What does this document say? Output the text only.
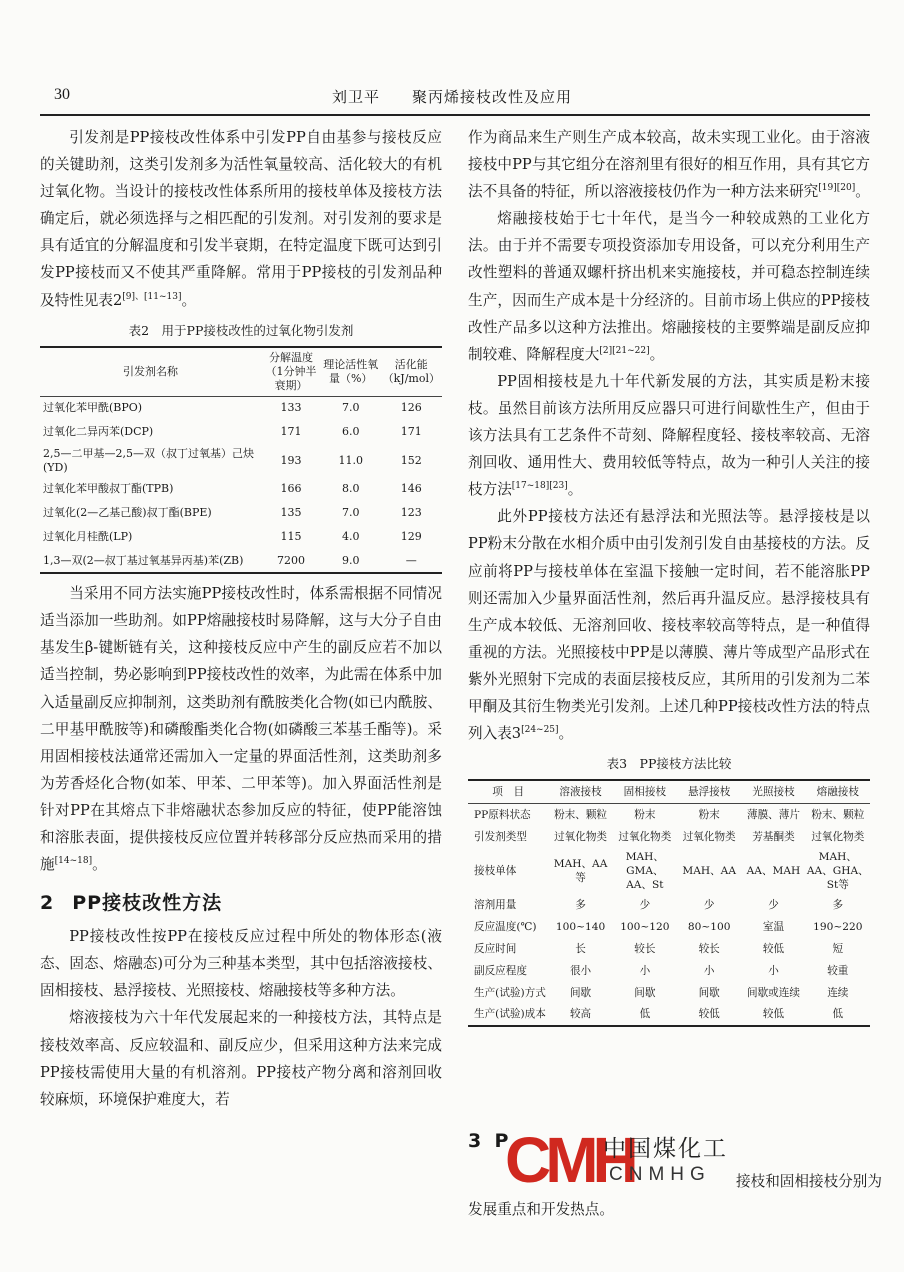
30	刘卫平　　聚丙烯接枝改性及应用

引发剂是PP接枝改性体系中引发PP自由基参与接枝反应的关键助剂，这类引发剂多为活性氧量较高、活化较大的有机过氧化物。当设计的接枝改性体系所用的接枝单体及接枝方法确定后，就必须选择与之相匹配的引发剂。对引发剂的要求是具有适宜的分解温度和引发半衰期，在特定温度下既可达到引发PP接枝而又不使其严重降解。常用于PP接枝的引发剂品种及特性见表2[9]、[11~13]。

表2　用于PP接枝改性的过氧化物引发剂
引发剂名称	分解温度（1分钟半衰期）	理论活性氧量（%）	活化能（kJ/mol）
过氧化苯甲酰(BPO)	133	7.0	126
过氧化二异丙苯(DCP)	171	6.0	171
2,5—二甲基—2,5—双（叔丁过氧基）己炔(YD)	193	11.0	152
过氧化苯甲酸叔丁酯(TPB)	166	8.0	146
过氧化(2—乙基己酸)叔丁酯(BPE)	135	7.0	123
过氧化月桂酰(LP)	115	4.0	129
1,3—双(2—叔丁基过氧基异丙基)苯(ZB)	7200	9.0	—

当采用不同方法实施PP接枝改性时，体系需根据不同情况适当添加一些助剂。如PP熔融接枝时易降解，这与大分子自由基发生β-键断链有关，这种接枝反应中产生的副反应若不加以适当控制，势必影响到PP接枝改性的效率，为此需在体系中加入适量副反应抑制剂，这类助剂有酰胺类化合物(如已内酰胺、二甲基甲酰胺等)和磷酸酯类化合物(如磷酸三苯基壬酯等)。采用固相接枝法通常还需加入一定量的界面活性剂，这类助剂多为芳香烃化合物(如苯、甲苯、二甲苯等)。加入界面活性剂是针对PP在其熔点下非熔融状态参加反应的特征，使PP能溶蚀和溶胀表面，提供接枝反应位置并转移部分反应热而采用的措施[14~18]。

2 PP接枝改性方法

PP接枝改性按PP在接枝反应过程中所处的物体形态(液态、固态、熔融态)可分为三种基本类型，其中包括溶液接枝、固相接枝、悬浮接枝、光照接枝、熔融接枝等多种方法。

熔液接枝为六十年代发展起来的一种接枝方法，其特点是接枝效率高、反应较温和、副反应少，但采用这种方法来完成PP接枝需使用大量的有机溶剂。PP接枝产物分离和溶剂回收较麻烦，环境保护难度大，若

作为商品来生产则生产成本较高，故未实现工业化。由于溶液接枝中PP与其它组分在溶剂里有很好的相互作用，具有其它方法不具备的特征，所以溶液接枝仍作为一种方法来研究[19][20]。

熔融接枝始于七十年代，是当今一种较成熟的工业化方法。由于并不需要专项投资添加专用设备，可以充分利用生产改性塑料的普通双螺杆挤出机来实施接枝，并可稳态控制连续生产，因而生产成本是十分经济的。目前市场上供应的PP接枝改性产品多以这种方法推出。熔融接枝的主要弊端是副反应抑制较难、降解程度大[2][21~22]。

PP固相接枝是九十年代新发展的方法，其实质是粉末接枝。虽然目前该方法所用反应器只可进行间歇性生产，但由于该方法具有工艺条件不苛刻、降解程度轻、接枝率较高、无溶剂回收、通用性大、费用较低等特点，故为一种引人关注的接枝方法[17~18][23]。

此外PP接枝方法还有悬浮法和光照法等。悬浮接枝是以PP粉末分散在水相介质中由引发剂引发自由基接枝的方法。反应前将PP与接枝单体在室温下接触一定时间，若不能溶胀PP则还需加入少量界面活性剂，然后再升温反应。悬浮接枝具有生产成本较低、无溶剂回收、接枝率较高等特点，是一种值得重视的方法。光照接枝中PP是以薄膜、薄片等成型产品形式在紫外光照射下完成的表面层接枝反应，其所用的引发剂为二苯甲酮及其衍生物类光引发剂。上述几种PP接枝改性方法的特点列入表3[24~25]。

表3　PP接枝方法比较
项　目	溶液接枝	固相接枝	悬浮接枝	光照接枝	熔融接枝
PP原料状态	粉末、颗粒	粉末	粉末	薄膜、薄片	粉末、颗粒
引发剂类型	过氧化物类	过氧化物类	过氧化物类	芳基酮类	过氧化物类
接枝单体	MAH、AA等	MAH、GMA、AA、St	MAH、AA	AA、MAH	MAH、AA、GHA、St等
溶剂用量	多	少	少	少	多
反应温度(℃)	100~140	100~120	80~100	室温	190~220
反应时间	长	较长	较长	较低	短
副反应程度	很小	小	小	小	较重
生产(试验)方式	间歇	间歇	间歇	间歇或连续	连续
生产(试验)成本	较高	低	较低	较低	低
3 P
CMH
中国煤化工
CNMHG 接枝和固相接枝分别为
发展重点和开发热点。
